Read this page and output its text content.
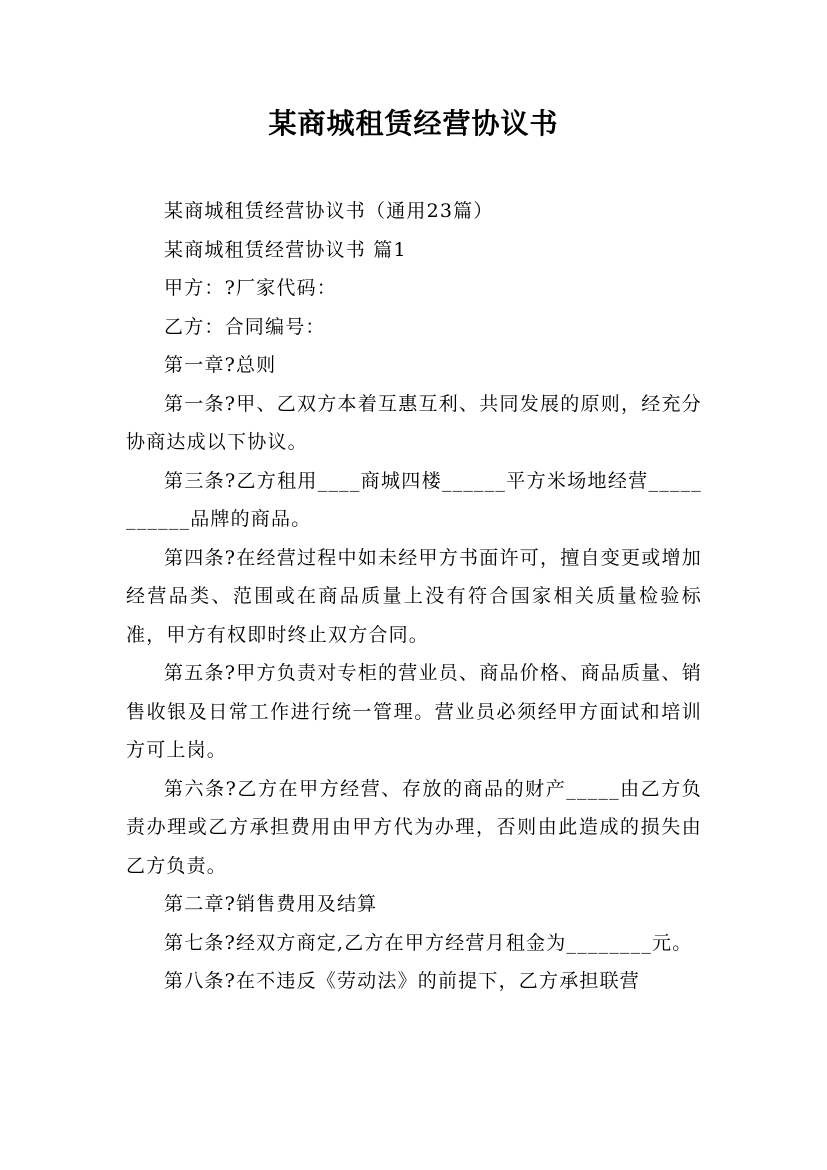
某商城租赁经营协议书

某商城租赁经营协议书（通用23篇）

某商城租赁经营协议书 篇1

甲方：?厂家代码：

乙方：合同编号：

第一章?总则

第一条?甲、乙双方本着互惠互利、共同发展的原则，经充分协商达成以下协议。

第三条?乙方租用____商城四楼______平方米场地经营___________品牌的商品。

第四条?在经营过程中如未经甲方书面许可，擅自变更或增加经营品类、范围或在商品质量上没有符合国家相关质量检验标准，甲方有权即时终止双方合同。

第五条?甲方负责对专柜的营业员、商品价格、商品质量、销售收银及日常工作进行统一管理。营业员必须经甲方面试和培训方可上岗。

第六条?乙方在甲方经营、存放的商品的财产_____由乙方负责办理或乙方承担费用由甲方代为办理，否则由此造成的损失由乙方负责。

第二章?销售费用及结算

第七条?经双方商定,乙方在甲方经营月租金为________元。

第八条?在不违反《劳动法》的前提下，乙方承担联营
